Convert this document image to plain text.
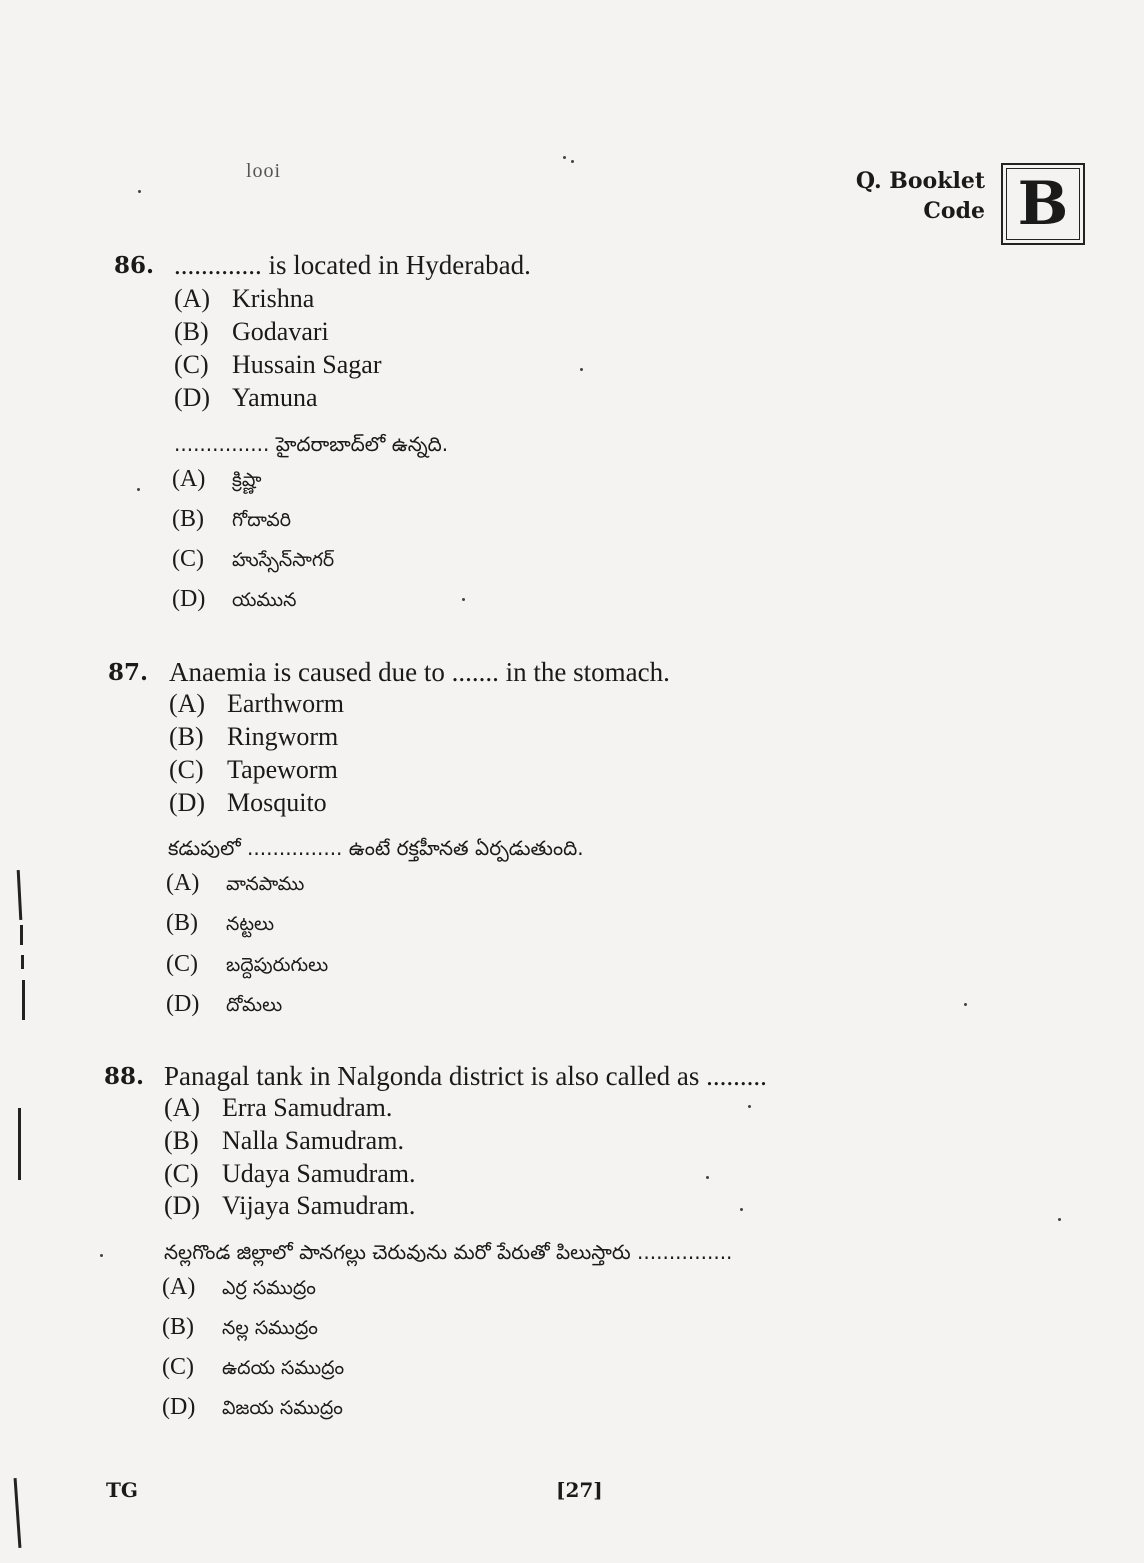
looi	Q. Booklet
Code B
86. ............. is located in Hyderabad.
(A) Krishna
(B) Godavari
(C) Hussain Sagar
(D) Yamuna
............... హైదరాబాద్‌లో ఉన్నది.
(A) క్రిష్ణా
(B) గోదావరి
(C) హుస్సేన్‌సాగర్
(D) యమున
87. Anaemia is caused due to ....... in the stomach.
(A) Earthworm
(B) Ringworm
(C) Tapeworm
(D) Mosquito
కడుపులో ............... ఉంటే రక్తహీనత ఏర్పడుతుంది.
(A) వానపాము
(B) నట్టలు
(C) బద్దెపురుగులు
(D) దోమలు
88. Panagal tank in Nalgonda district is also called as .........
(A) Erra Samudram.
(B) Nalla Samudram.
(C) Udaya Samudram.
(D) Vijaya Samudram.
నల్లగొండ జిల్లాలో పానగల్లు చెరువును మరో పేరుతో పిలుస్తారు ...............
(A) ఎర్ర సముద్రం
(B) నల్ల సముద్రం
(C) ఉదయ సముద్రం
(D) విజయ సముద్రం
TG	[27]
